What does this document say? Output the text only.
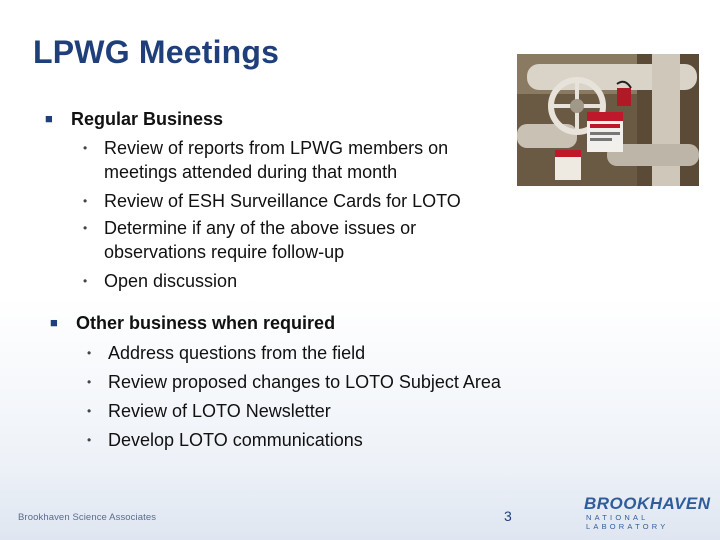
LPWG Meetings
■ Regular Business
• Review of reports from LPWG members on meetings attended during that month
• Review of ESH Surveillance Cards for LOTO
• Determine if any of the above issues or observations require follow-up
• Open discussion
■ Other business when required
• Address questions from the field
• Review proposed changes to LOTO Subject Area
• Review of LOTO Newsletter
• Develop LOTO communications
Brookhaven Science Associates	3
BROOKHAVEN
NATIONAL LABORATORY
